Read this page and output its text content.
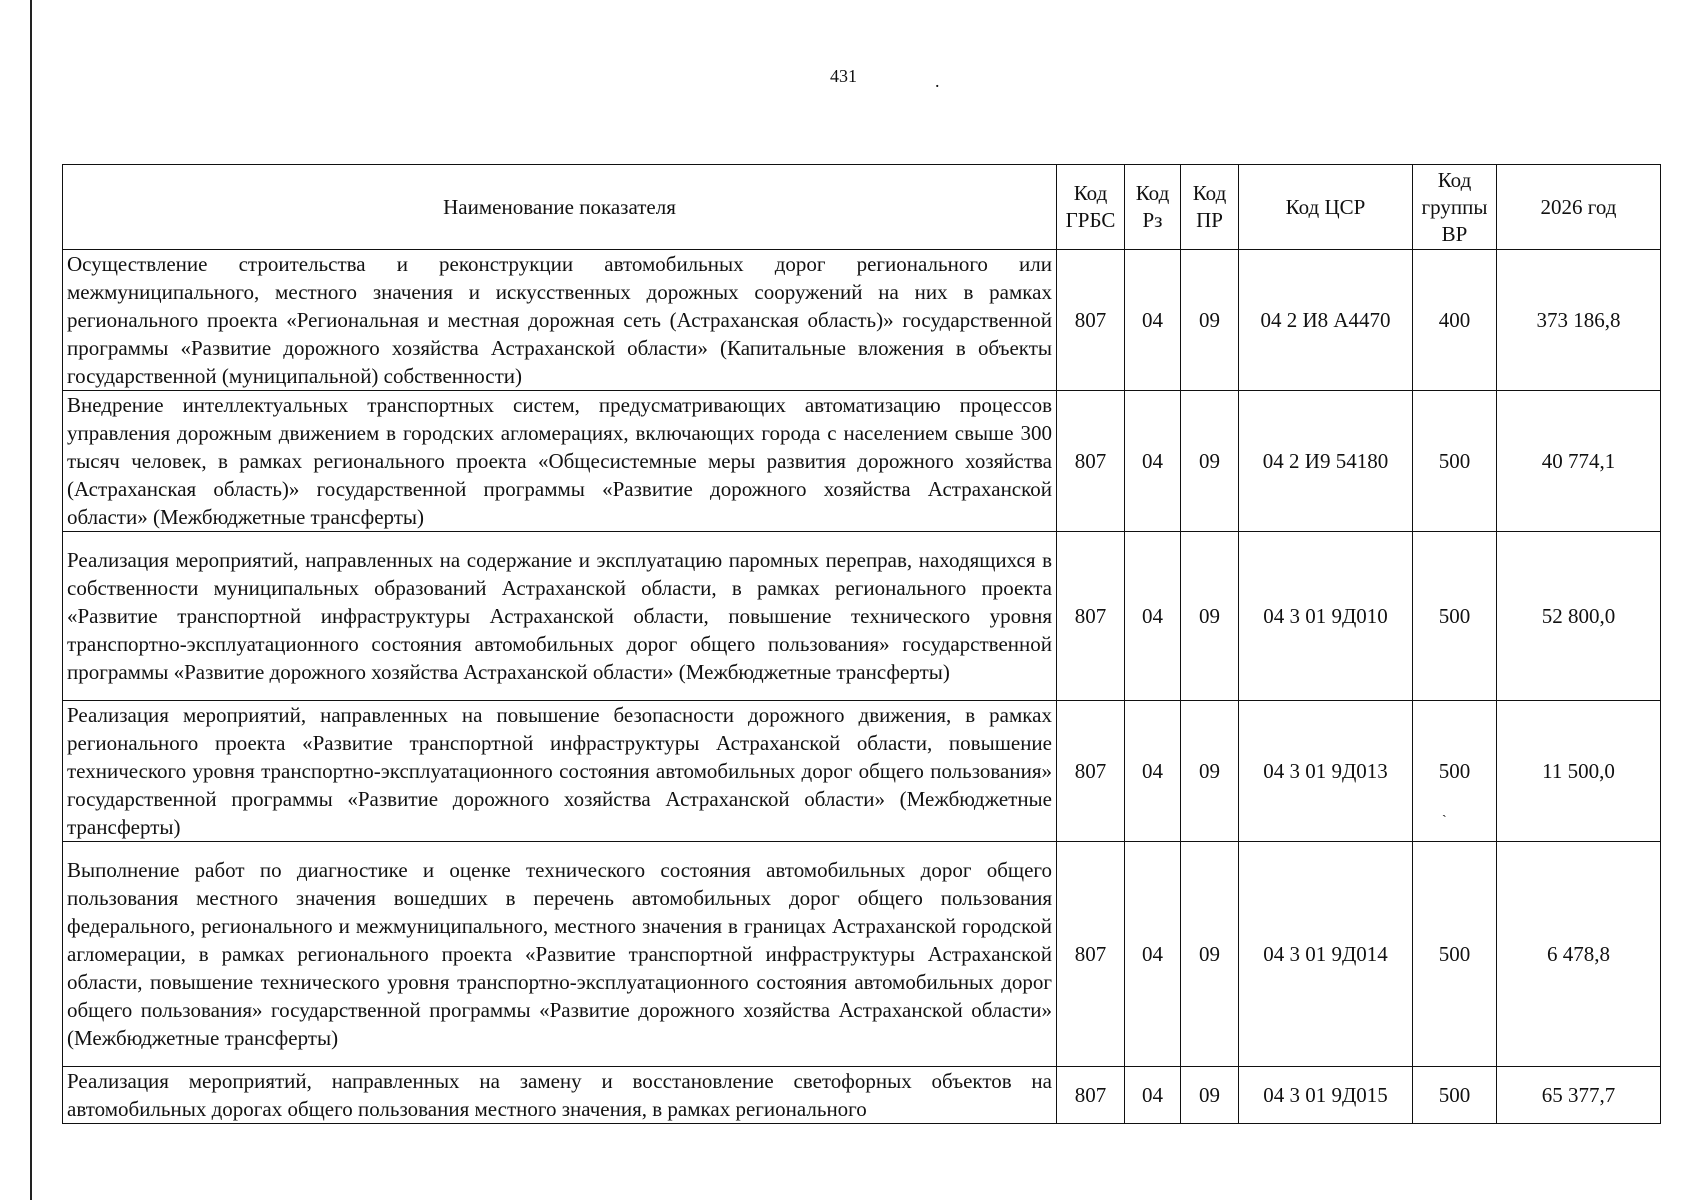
431	.
ˎ
Наименование показателя	Код ГРБС	Код Рз	Код ПР	Код ЦСР	Код группы ВР	2026 год
Осуществление строительства и реконструкции автомобильных дорог регионального или межмуниципального, местного значения и искусственных дорожных сооружений на них в рамках регионального проекта «Региональная и местная дорожная сеть (Астраханская область)» государственной программы «Развитие дорожного хозяйства Астраханской области» (Капитальные вложения в объекты государственной (муниципальной) собственности)	807	04	09	04 2 И8 А4470	400	373 186,8
Внедрение интеллектуальных транспортных систем, предусматривающих автоматизацию процессов управления дорожным движением в городских агломерациях, включающих города с населением свыше 300 тысяч человек, в рамках регионального проекта «Общесистемные меры развития дорожного хозяйства (Астраханская область)» государственной программы «Развитие дорожного хозяйства Астраханской области» (Межбюджетные трансферты)	807	04	09	04 2 И9 54180	500	40 774,1
Реализация мероприятий, направленных на содержание и эксплуатацию паромных переправ, находящихся в собственности муниципальных образований Астраханской области, в рамках регионального проекта «Развитие транспортной инфраструктуры Астраханской области, повышение технического уровня транспортно-эксплуатационного состояния автомобильных дорог общего пользования» государственной программы «Развитие дорожного хозяйства Астраханской области» (Межбюджетные трансферты)	807	04	09	04 3 01 9Д010	500	52 800,0
Реализация мероприятий, направленных на повышение безопасности дорожного движения, в рамках регионального проекта «Развитие транспортной инфраструктуры Астраханской области, повышение технического уровня транспортно-эксплуатационного состояния автомобильных дорог общего пользования» государственной программы «Развитие дорожного хозяйства Астраханской области» (Межбюджетные трансферты)	807	04	09	04 3 01 9Д013	500	11 500,0
Выполнение работ по диагностике и оценке технического состояния автомобильных дорог общего пользования местного значения вошедших в перечень автомобильных дорог общего пользования федерального, регионального и межмуниципального, местного значения в границах Астраханской городской агломерации, в рамках регионального проекта «Развитие транспортной инфраструктуры Астраханской области, повышение технического уровня транспортно-эксплуатационного состояния автомобильных дорог общего пользования» государственной программы «Развитие дорожного хозяйства Астраханской области» (Межбюджетные трансферты)	807	04	09	04 3 01 9Д014	500	6 478,8
Реализация мероприятий, направленных на замену и восстановление светофорных объектов на автомобильных дорогах общего пользования местного значения, в рамках регионального	807	04	09	04 3 01 9Д015	500	65 377,7
